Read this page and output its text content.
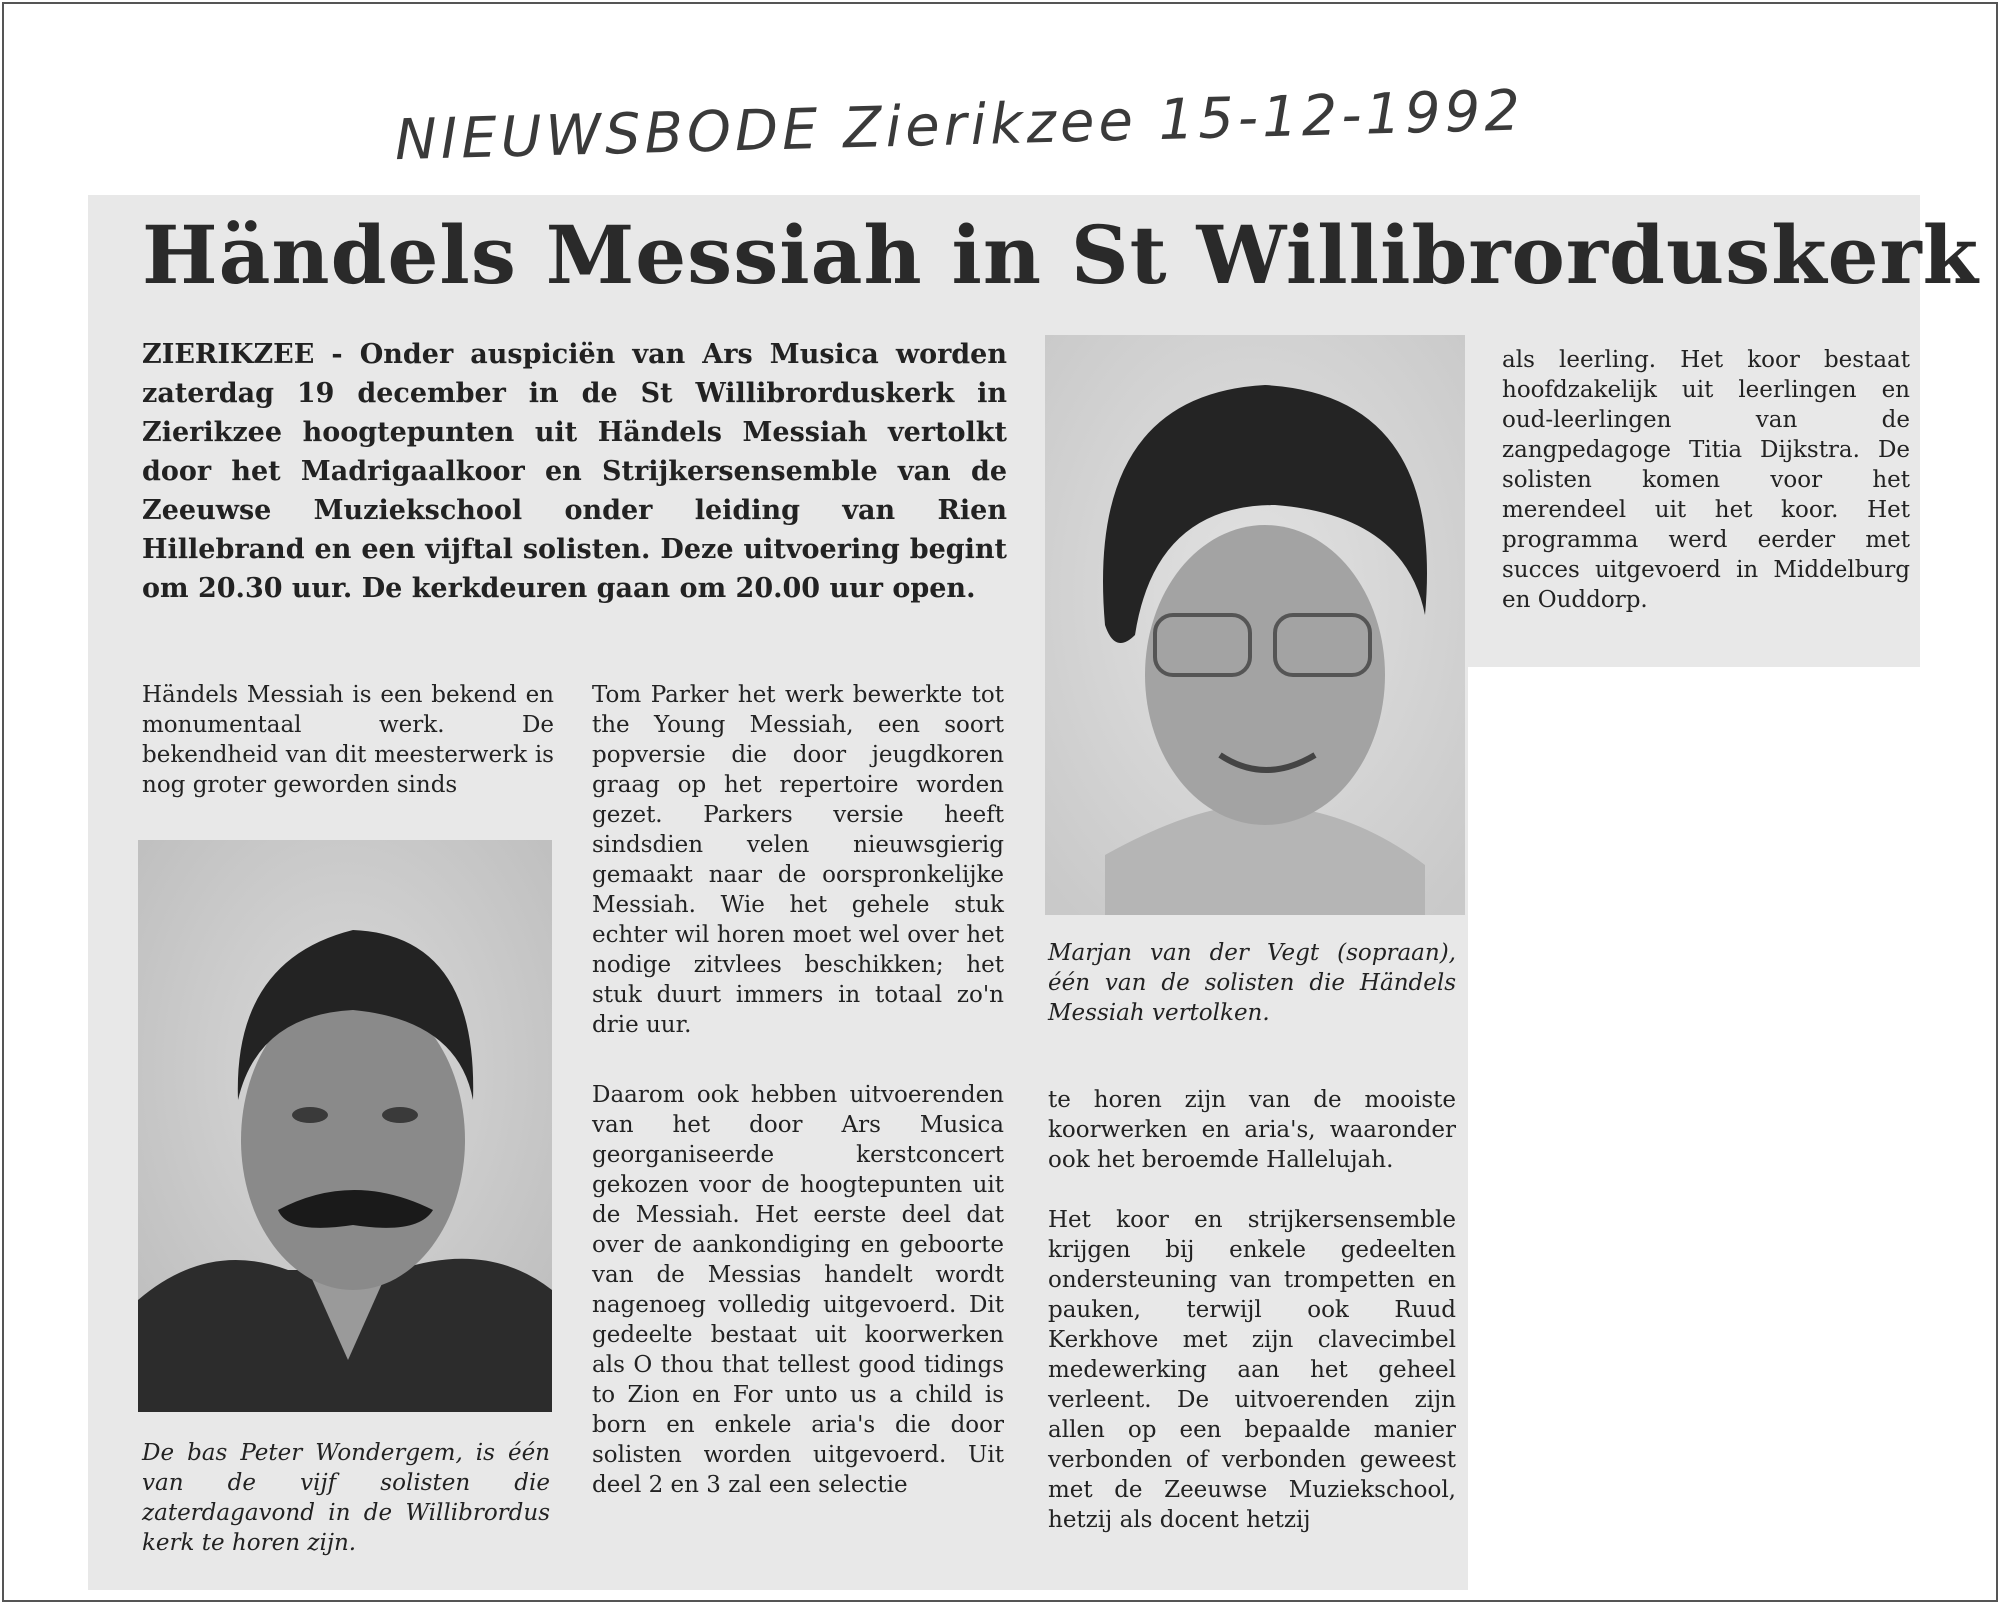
NIEUWSBODE Zierikzee 15-12-1992
Händels Messiah in St Willibrorduskerk
ZIERIKZEE - Onder auspiciën van Ars Musica worden zaterdag 19 december in de St Willibrorduskerk in Zierikzee hoogtepunten uit Händels Messiah vertolkt door het Madrigaalkoor en Strijkersensemble van de Zeeuwse Muziekschool onder leiding van Rien Hillebrand en een vijftal solisten. Deze uitvoering begint om 20.30 uur. De kerkdeuren gaan om 20.00 uur open.

Händels Messiah is een bekend en monumentaal werk. De bekendheid van dit meesterwerk is nog groter geworden sinds

De bas Peter Wondergem, is één van de vijf solisten die zaterdagavond in de Willibrordus kerk te horen zijn.

Tom Parker het werk bewerkte tot the Young Messiah, een soort popversie die door jeugdkoren graag op het repertoire worden gezet. Parkers versie heeft sindsdien velen nieuwsgierig gemaakt naar de oorspronkelijke Messiah. Wie het gehele stuk echter wil horen moet wel over het nodige zitvlees beschikken; het stuk duurt immers in totaal zo'n drie uur.

Daarom ook hebben uitvoerenden van het door Ars Musica georganiseerde kerstconcert gekozen voor de hoogtepunten uit de Messiah. Het eerste deel dat over de aankondiging en geboorte van de Messias handelt wordt nagenoeg volledig uitgevoerd. Dit gedeelte bestaat uit koorwerken als O thou that tellest good tidings to Zion en For unto us a child is born en enkele aria's die door solisten worden uitgevoerd. Uit deel 2 en 3 zal een selectie

Marjan van der Vegt (sopraan), één van de solisten die Händels Messiah vertolken.

te horen zijn van de mooiste koorwerken en aria's, waaronder ook het beroemde Hallelujah.

Het koor en strijkersensemble krijgen bij enkele gedeelten ondersteuning van trompetten en pauken, terwijl ook Ruud Kerkhove met zijn clavecimbel medewerking aan het geheel verleent. De uitvoerenden zijn allen op een bepaalde manier verbonden of verbonden geweest met de Zeeuwse Muziekschool, hetzij als docent hetzij

als leerling. Het koor bestaat hoofdzakelijk uit leerlingen en oud-leerlingen van de zangpedagoge Titia Dijkstra. De solisten komen voor het merendeel uit het koor. Het programma werd eerder met succes uitgevoerd in Middelburg en Ouddorp.
